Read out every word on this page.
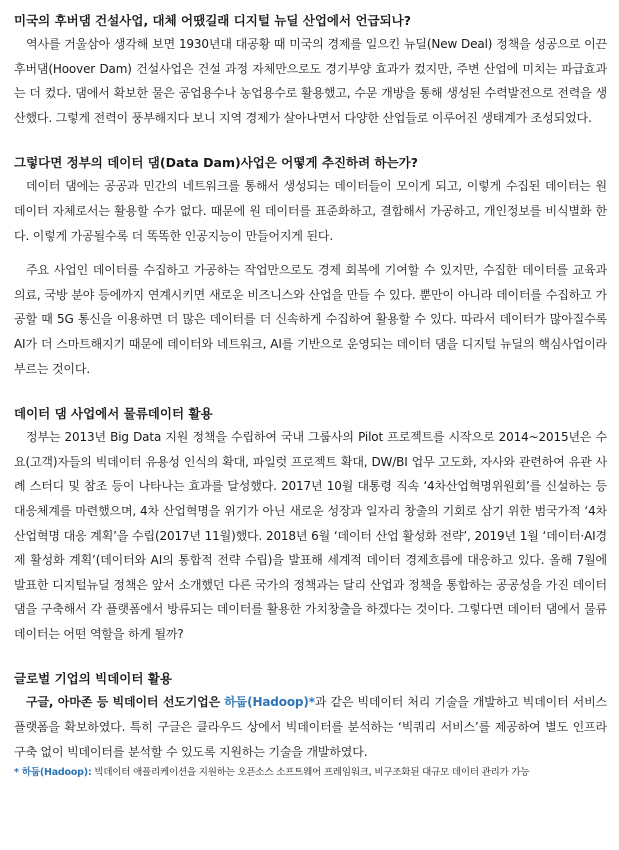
미국의 후버댐 건설사업, 대체 어땠길래 디지털 뉴딜 산업에서 언급되나?

역사를 거울삼아 생각해 보면 1930년대 대공황 때 미국의 경제를 일으킨 뉴딜(New Deal) 정책을 성공으로 이끈 후버댐(Hoover Dam) 건설사업은 건설 과정 자체만으로도 경기부양 효과가 컸지만, 주변 산업에 미치는 파급효과는 더 컸다. 댐에서 확보한 물은 공업용수나 농업용수로 활용했고, 수문 개방을 통해 생성된 수력발전으로 전력을 생산했다. 그렇게 전력이 풍부해지다 보니 지역 경제가 살아나면서 다양한 산업들로 이루어진 생태계가 조성되었다.

그렇다면 정부의 데이터 댐(Data Dam)사업은 어떻게 추진하려 하는가?

데이터 댐에는 공공과 민간의 네트워크를 통해서 생성되는 데이터들이 모이게 되고, 이렇게 수집된 데이터는 원 데이터 자체로서는 활용할 수가 없다. 때문에 원 데이터를 표준화하고, 결합해서 가공하고, 개인정보를 비식별화 한다. 이렇게 가공될수록 더 똑똑한 인공지능이 만들어지게 된다.

주요 사업인 데이터를 수집하고 가공하는 작업만으로도 경제 회복에 기여할 수 있지만, 수집한 데이터를 교육과 의료, 국방 분야 등에까지 연계시키면 새로운 비즈니스와 산업을 만들 수 있다. 뿐만이 아니라 데이터를 수집하고 가공할 때 5G 통신을 이용하면 더 많은 데이터를 더 신속하게 수집하여 활용할 수 있다. 따라서 데이터가 많아질수록 AI가 더 스마트해지기 때문에 데이터와 네트워크, AI를 기반으로 운영되는 데이터 댐을 디지털 뉴딜의 핵심사업이라 부르는 것이다.

데이터 댐 사업에서 물류데이터 활용

정부는 2013년 Big Data 지원 정책을 수립하여 국내 그룹사의 Pilot 프로젝트를 시작으로 2014~2015년은 수요(고객)자들의 빅데이터 유용성 인식의 확대, 파일럿 프로젝트 확대, DW/BI 업무 고도화, 자사와 관련하여 유관 사례 스터디 및 참조 등이 나타나는 효과를 달성했다. 2017년 10월 대통령 직속 ‘4차산업혁명위원회’를 신설하는 등 대응체계를 마련했으며, 4차 산업혁명을 위기가 아닌 새로운 성장과 일자리 창출의 기회로 삼기 위한 범국가적 ‘4차 산업혁명 대응 계획’을 수립(2017년 11월)했다. 2018년 6월 ‘데이터 산업 활성화 전략’, 2019년 1월 ‘데이터·AI경제 활성화 계획’(데이터와 AI의 통합적 전략 수립)을 발표해 세계적 데이터 경제흐름에 대응하고 있다. 올해 7월에 발표한 디지털뉴딜 정책은 앞서 소개했던 다른 국가의 정책과는 달리 산업과 정책을 통합하는 공공성을 가진 데이터 댐을 구축해서 각 플랫폼에서 방류되는 데이터를 활용한 가치창출을 하겠다는 것이다. 그렇다면 데이터 댐에서 물류데이터는 어떤 역할을 하게 될까?

글로벌 기업의 빅데이터 활용

구글, 아마존 등 빅데이터 선도기업은 하둡(Hadoop)*과 같은 빅데이터 처리 기술을 개발하고 빅데이터 서비스 플랫폼을 확보하였다. 특히 구글은 클라우드 상에서 빅데이터를 분석하는 ‘빅쿼리 서비스’를 제공하여 별도 인프라 구축 없이 빅데이터를 분석할 수 있도록 지원하는 기술을 개발하였다.

* 하둡(Hadoop): 빅데이터 애플리케이션을 지원하는 오픈소스 소프트웨어 프레임워크, 비구조화된 대규모 데이터 관리가 가능
